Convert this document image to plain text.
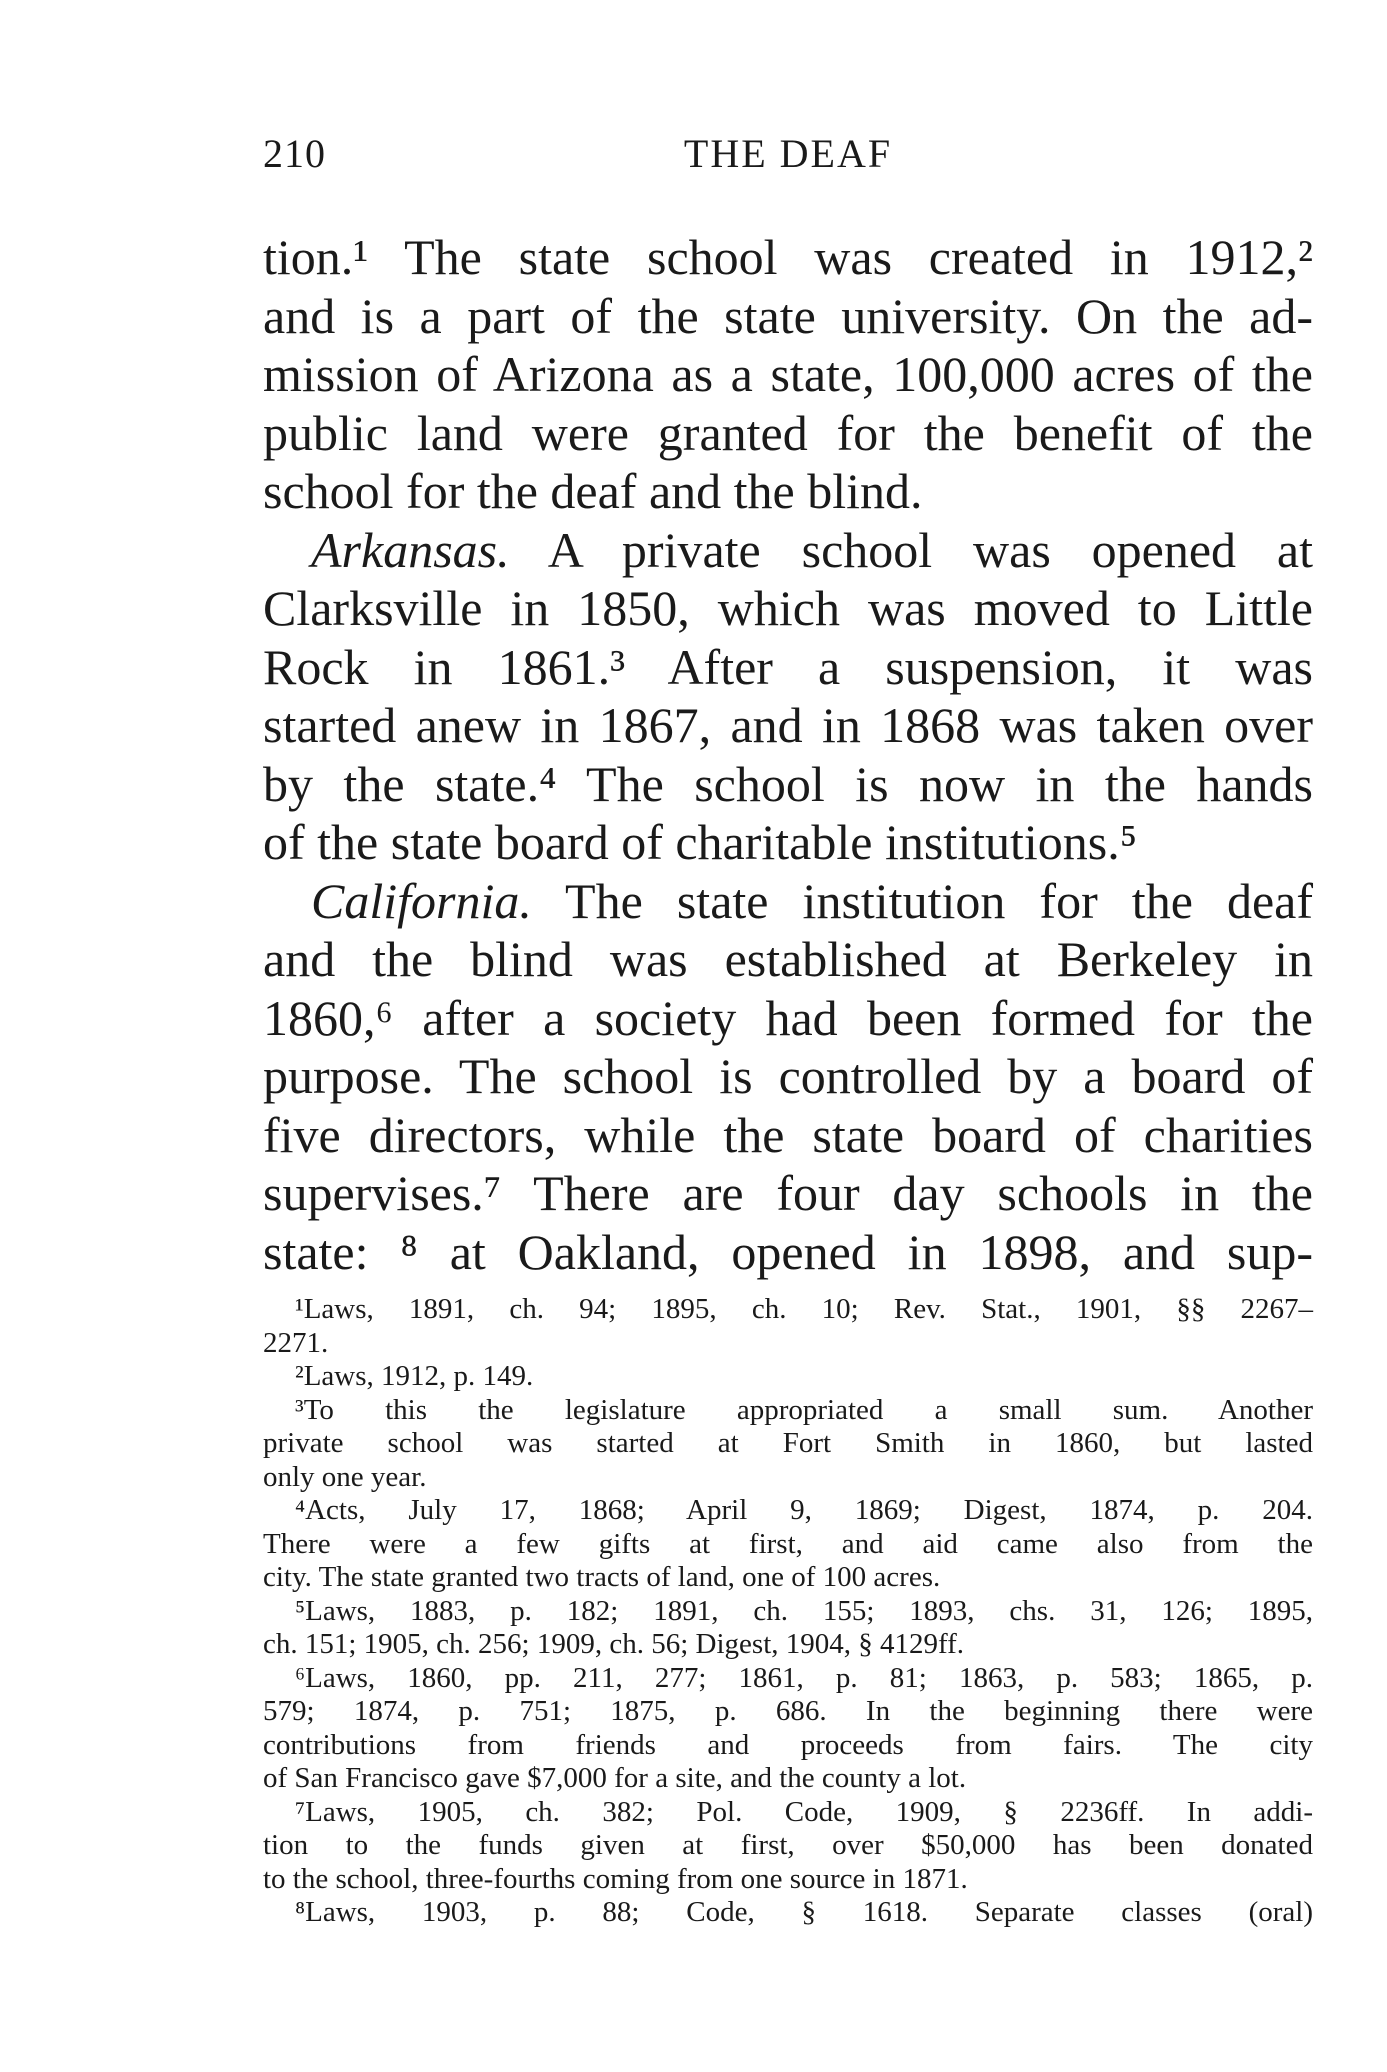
210	THE DEAF
tion.¹ The state school was created in 1912,²
and is a part of the state university. On the ad-
mission of Arizona as a state, 100,000 acres of the
public land were granted for the benefit of the
school for the deaf and the blind.
Arkansas. A private school was opened at
Clarksville in 1850, which was moved to Little
Rock in 1861.³ After a suspension, it was
started anew in 1867, and in 1868 was taken over
by the state.⁴ The school is now in the hands
of the state board of charitable institutions.⁵
California. The state institution for the deaf
and the blind was established at Berkeley in
1860,⁶ after a society had been formed for the
purpose. The school is controlled by a board of
five directors, while the state board of charities
supervises.⁷ There are four day schools in the
state: ⁸ at Oakland, opened in 1898, and sup-
¹Laws, 1891, ch. 94; 1895, ch. 10; Rev. Stat., 1901, §§ 2267–
2271.
²Laws, 1912, p. 149.
³To this the legislature appropriated a small sum. Another
private school was started at Fort Smith in 1860, but lasted
only one year.
⁴Acts, July 17, 1868; April 9, 1869; Digest, 1874, p. 204.
There were a few gifts at first, and aid came also from the
city. The state granted two tracts of land, one of 100 acres.
⁵Laws, 1883, p. 182; 1891, ch. 155; 1893, chs. 31, 126; 1895,
ch. 151; 1905, ch. 256; 1909, ch. 56; Digest, 1904, § 4129ff.
⁶Laws, 1860, pp. 211, 277; 1861, p. 81; 1863, p. 583; 1865, p.
579; 1874, p. 751; 1875, p. 686. In the beginning there were
contributions from friends and proceeds from fairs. The city
of San Francisco gave $7,000 for a site, and the county a lot.
⁷Laws, 1905, ch. 382; Pol. Code, 1909, § 2236ff. In addi-
tion to the funds given at first, over $50,000 has been donated
to the school, three-fourths coming from one source in 1871.
⁸Laws, 1903, p. 88; Code, § 1618. Separate classes (oral)
